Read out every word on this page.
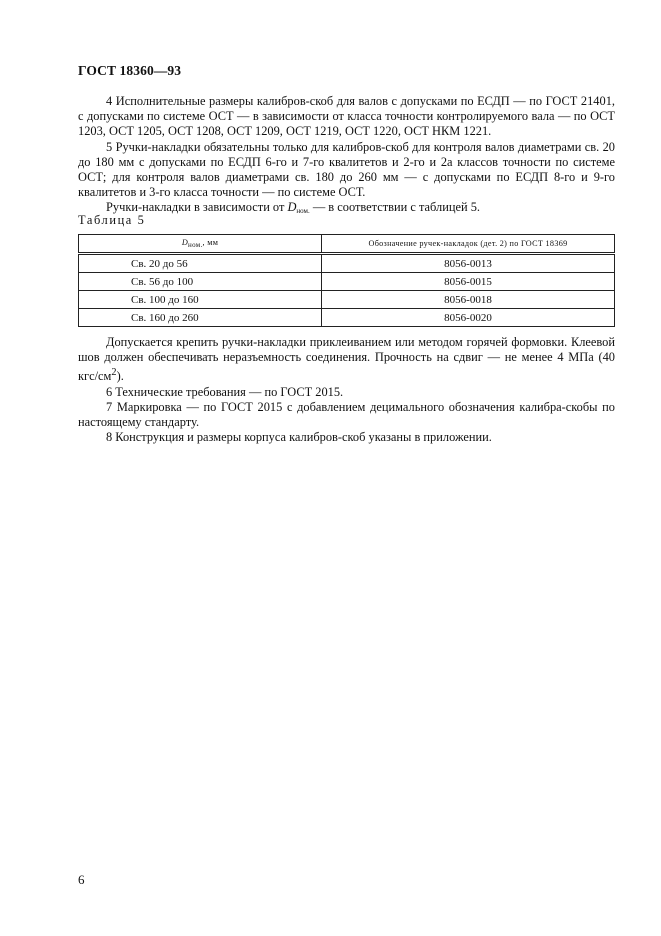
ГОСТ 18360—93

4 Исполнительные размеры калибров-скоб для валов с допусками по ЕСДП — по ГОСТ 21401, с допусками по системе ОСТ — в зависимости от класса точности контролируемого вала — по ОСТ 1203, ОСТ 1205, ОСТ 1208, ОСТ 1209, ОСТ 1219, ОСТ 1220, ОСТ НКМ 1221.

5 Ручки-накладки обязательны только для калибров-скоб для контроля валов диаметрами св. 20 до 180 мм с допусками по ЕСДП 6-го и 7-го квалитетов и 2-го и 2а классов точности по системе ОСТ; для контроля валов диаметрами св. 180 до 260 мм — с допусками по ЕСДП 8-го и 9-го квалитетов и 3-го класса точности — по системе ОСТ.

Ручки-накладки в зависимости от $D_{ном.}$ — в соответствии с таблицей 5.

Таблица 5
$D_{ном.}$, мм	Обозначение ручек-накладок (дет. 2) по ГОСТ 18369
Св. 20 до 56	8056-0013
Св. 56 до 100	8056-0015
Св. 100 до 160	8056-0018
Св. 160 до 260	8056-0020

Допускается крепить ручки-накладки приклеиванием или методом горячей формовки. Клеевой шов должен обеспечивать неразъемность соединения. Прочность на сдвиг — не менее 4 МПа (40 кгс/$см^2$).

6 Технические требования — по ГОСТ 2015.

7 Маркировка — по ГОСТ 2015 с добавлением децимального обозначения калибра-скобы по настоящему стандарту.

8 Конструкция и размеры корпуса калибров-скоб указаны в приложении.

6
